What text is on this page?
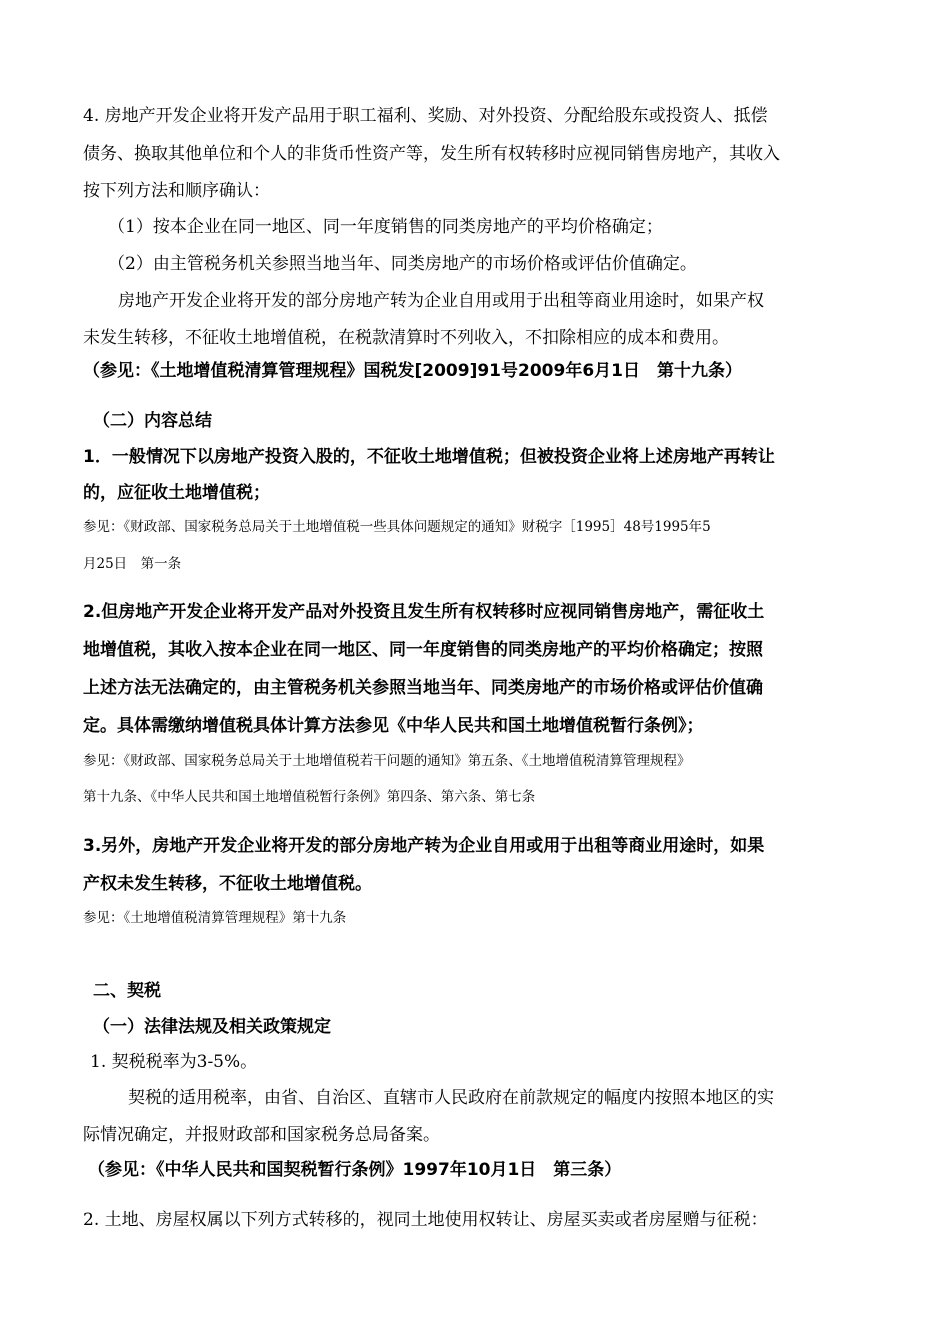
4. 房地产开发企业将开发产品用于职工福利、奖励、对外投资、分配给股东或投资人、抵偿

债务、换取其他单位和个人的非货币性资产等，发生所有权转移时应视同销售房地产，其收入

按下列方法和顺序确认：

（1）按本企业在同一地区、同一年度销售的同类房地产的平均价格确定；

（2）由主管税务机关参照当地当年、同类房地产的市场价格或评估价值确定。

房地产开发企业将开发的部分房地产转为企业自用或用于出租等商业用途时，如果产权

未发生转移，不征收土地增值税，在税款清算时不列收入，不扣除相应的成本和费用。

（参见：《土地增值税清算管理规程》国税发[2009]91号2009年6月1日　第十九条）

（二）内容总结

1．一般情况下以房地产投资入股的，不征收土地增值税；但被投资企业将上述房地产再转让

的，应征收土地增值税；

参见：《财政部、国家税务总局关于土地增值税一些具体问题规定的通知》财税字［1995］48号1995年5

月25日　第一条

2.但房地产开发企业将开发产品对外投资且发生所有权转移时应视同销售房地产，需征收土

地增值税，其收入按本企业在同一地区、同一年度销售的同类房地产的平均价格确定；按照

上述方法无法确定的，由主管税务机关参照当地当年、同类房地产的市场价格或评估价值确

定。具体需缴纳增值税具体计算方法参见《中华人民共和国土地增值税暂行条例》；

参见：《财政部、国家税务总局关于土地增值税若干问题的通知》第五条、《土地增值税清算管理规程》

第十九条、《中华人民共和国土地增值税暂行条例》第四条、第六条、第七条

3.另外，房地产开发企业将开发的部分房地产转为企业自用或用于出租等商业用途时，如果

产权未发生转移，不征收土地增值税。

参见：《土地增值税清算管理规程》第十九条

二、契税

（一）法律法规及相关政策规定

1. 契税税率为3-5%。

契税的适用税率，由省、自治区、直辖市人民政府在前款规定的幅度内按照本地区的实

际情况确定，并报财政部和国家税务总局备案。

（参见：《中华人民共和国契税暂行条例》1997年10月1日　第三条）

2. 土地、房屋权属以下列方式转移的，视同土地使用权转让、房屋买卖或者房屋赠与征税：
